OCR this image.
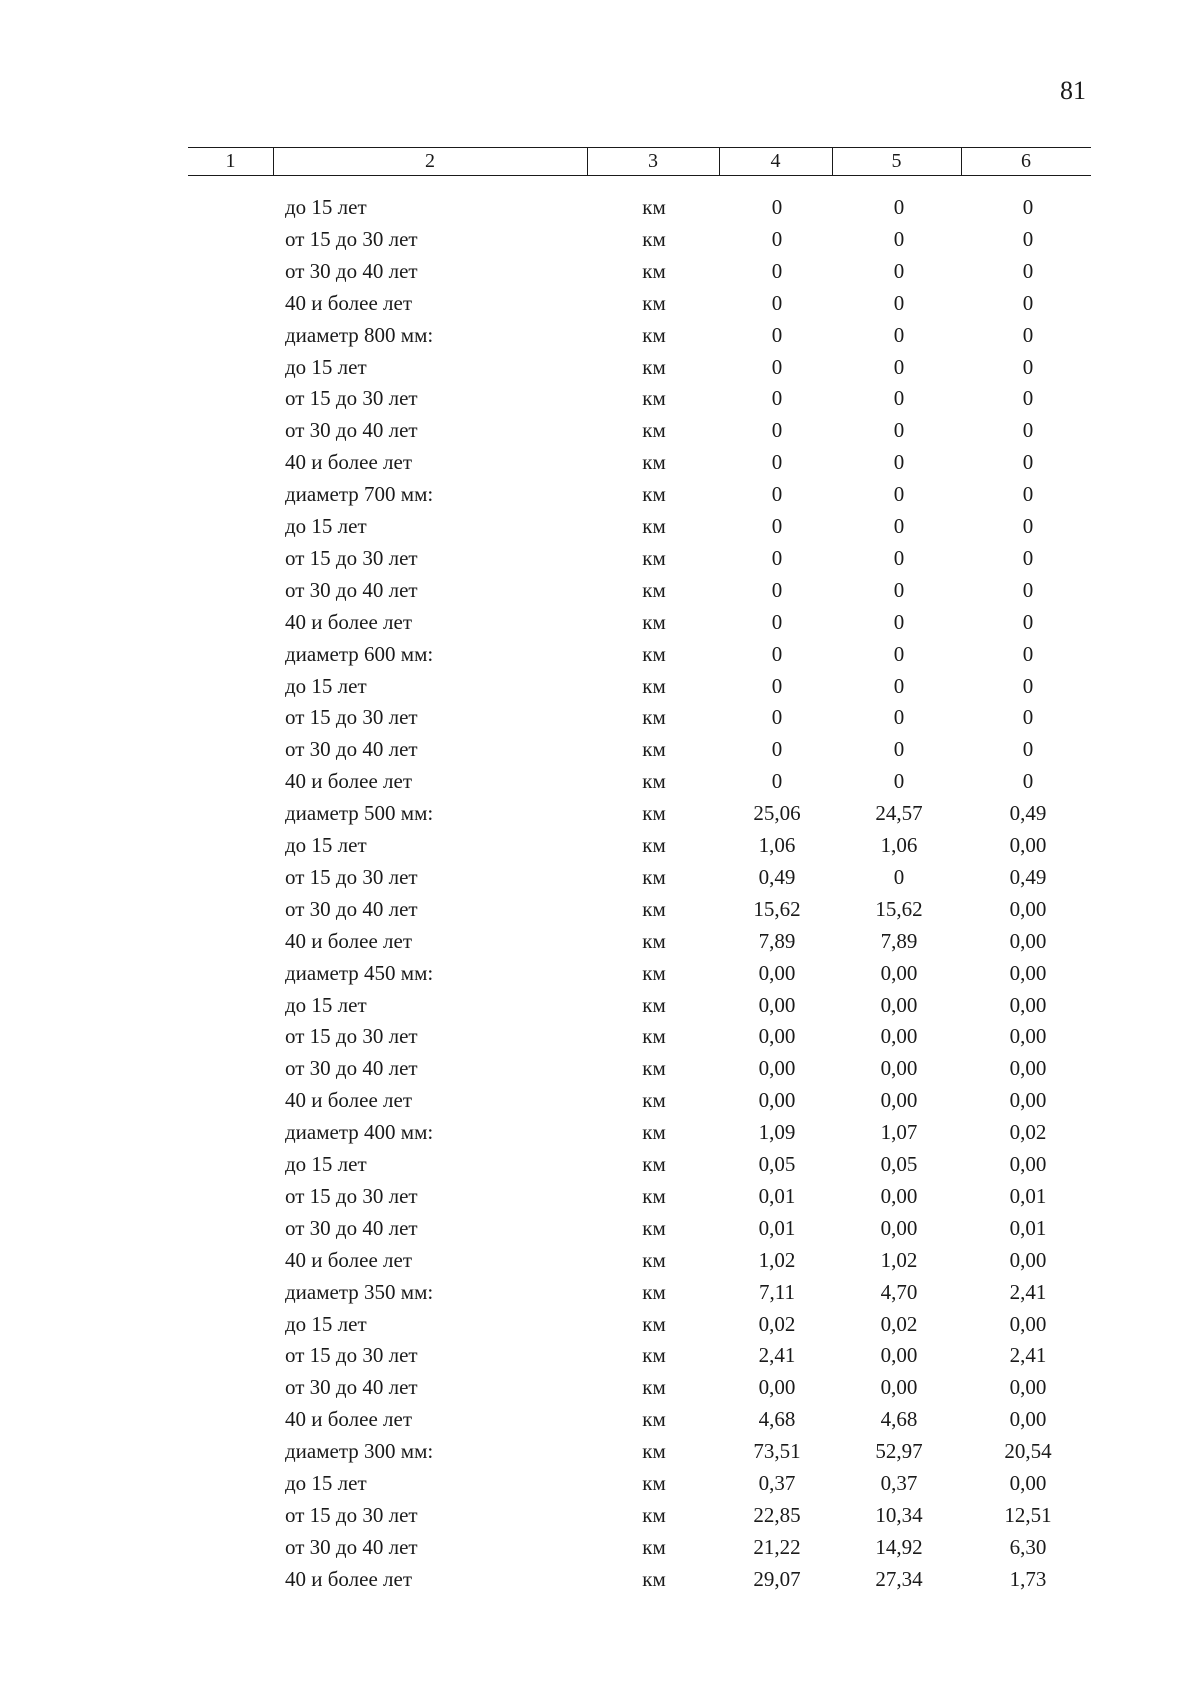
81
1	2	3	4	5	6
до 15 лет	км	0	0	0
от 15 до 30 лет	км	0	0	0
от 30 до 40 лет	км	0	0	0
40 и более лет	км	0	0	0
диаметр 800 мм:	км	0	0	0
до 15 лет	км	0	0	0
от 15 до 30 лет	км	0	0	0
от 30 до 40 лет	км	0	0	0
40 и более лет	км	0	0	0
диаметр 700 мм:	км	0	0	0
до 15 лет	км	0	0	0
от 15 до 30 лет	км	0	0	0
от 30 до 40 лет	км	0	0	0
40 и более лет	км	0	0	0
диаметр 600 мм:	км	0	0	0
до 15 лет	км	0	0	0
от 15 до 30 лет	км	0	0	0
от 30 до 40 лет	км	0	0	0
40 и более лет	км	0	0	0
диаметр 500 мм:	км	25,06	24,57	0,49
до 15 лет	км	1,06	1,06	0,00
от 15 до 30 лет	км	0,49	0	0,49
от 30 до 40 лет	км	15,62	15,62	0,00
40 и более лет	км	7,89	7,89	0,00
диаметр 450 мм:	км	0,00	0,00	0,00
до 15 лет	км	0,00	0,00	0,00
от 15 до 30 лет	км	0,00	0,00	0,00
от 30 до 40 лет	км	0,00	0,00	0,00
40 и более лет	км	0,00	0,00	0,00
диаметр 400 мм:	км	1,09	1,07	0,02
до 15 лет	км	0,05	0,05	0,00
от 15 до 30 лет	км	0,01	0,00	0,01
от 30 до 40 лет	км	0,01	0,00	0,01
40 и более лет	км	1,02	1,02	0,00
диаметр 350 мм:	км	7,11	4,70	2,41
до 15 лет	км	0,02	0,02	0,00
от 15 до 30 лет	км	2,41	0,00	2,41
от 30 до 40 лет	км	0,00	0,00	0,00
40 и более лет	км	4,68	4,68	0,00
диаметр 300 мм:	км	73,51	52,97	20,54
до 15 лет	км	0,37	0,37	0,00
от 15 до 30 лет	км	22,85	10,34	12,51
от 30 до 40 лет	км	21,22	14,92	6,30
40 и более лет	км	29,07	27,34	1,73
